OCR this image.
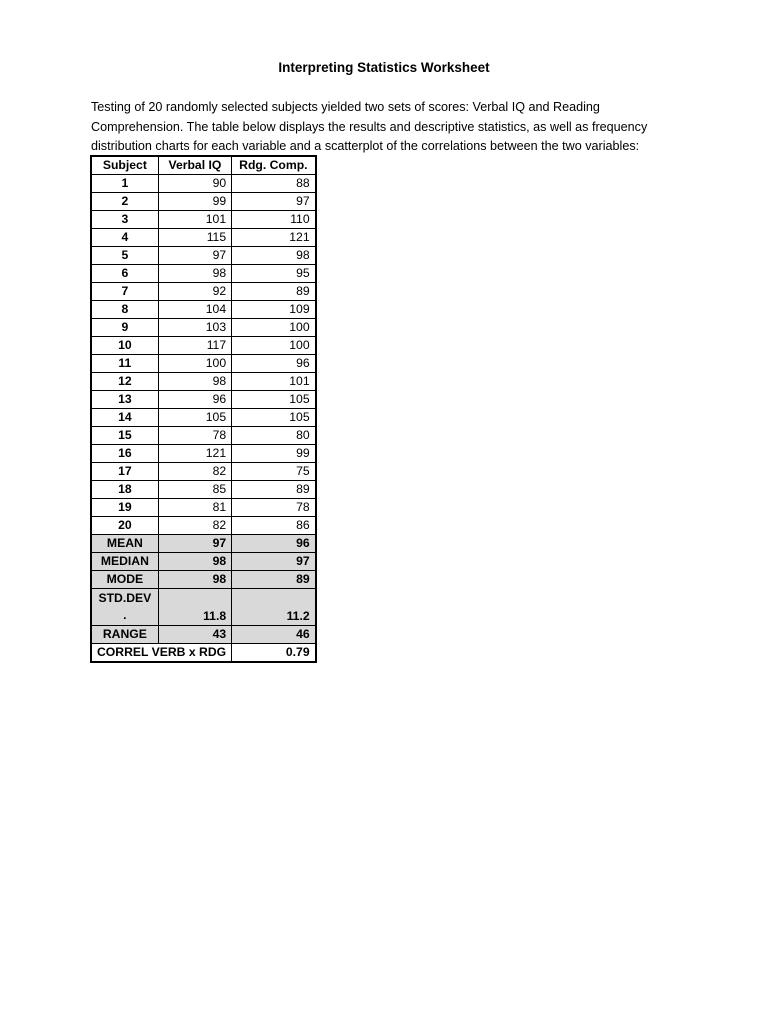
Interpreting Statistics Worksheet
Testing of 20 randomly selected subjects yielded two sets of scores: Verbal IQ and Reading
Comprehension. The table below displays the results and descriptive statistics, as well as frequency
distribution charts for each variable and a scatterplot of the correlations between the two variables:
Subject	Verbal IQ	Rdg. Comp.
1	90	88
2	99	97
3	101	110
4	115	121
5	97	98
6	98	95
7	92	89
8	104	109
9	103	100
10	117	100
11	100	96
12	98	101
13	96	105
14	105	105
15	78	80
16	121	99
17	82	75
18	85	89
19	81	78
20	82	86
MEAN	97	96
MEDIAN	98	97
MODE	98	89

STD.DEV
.	11.8	11.2
RANGE	43	46
CORREL VERB x RDG		0.79
